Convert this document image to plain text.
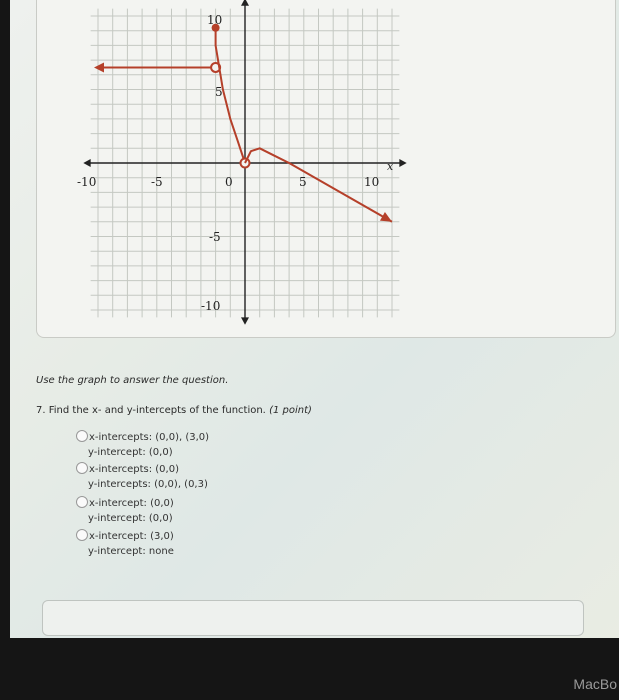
-10	-5	0	5	10
10
5
-5
-10
x
Use the graph to answer the question.
7. Find the x- and y-intercepts of the function. (1 point)
x-intercepts: (0,0), (3,0)
y-intercept: (0,0)
x-intercepts: (0,0)
y-intercepts: (0,0), (0,3)
x-intercept: (0,0)
y-intercept: (0,0)
x-intercept: (3,0)
y-intercept: none
MacBo
